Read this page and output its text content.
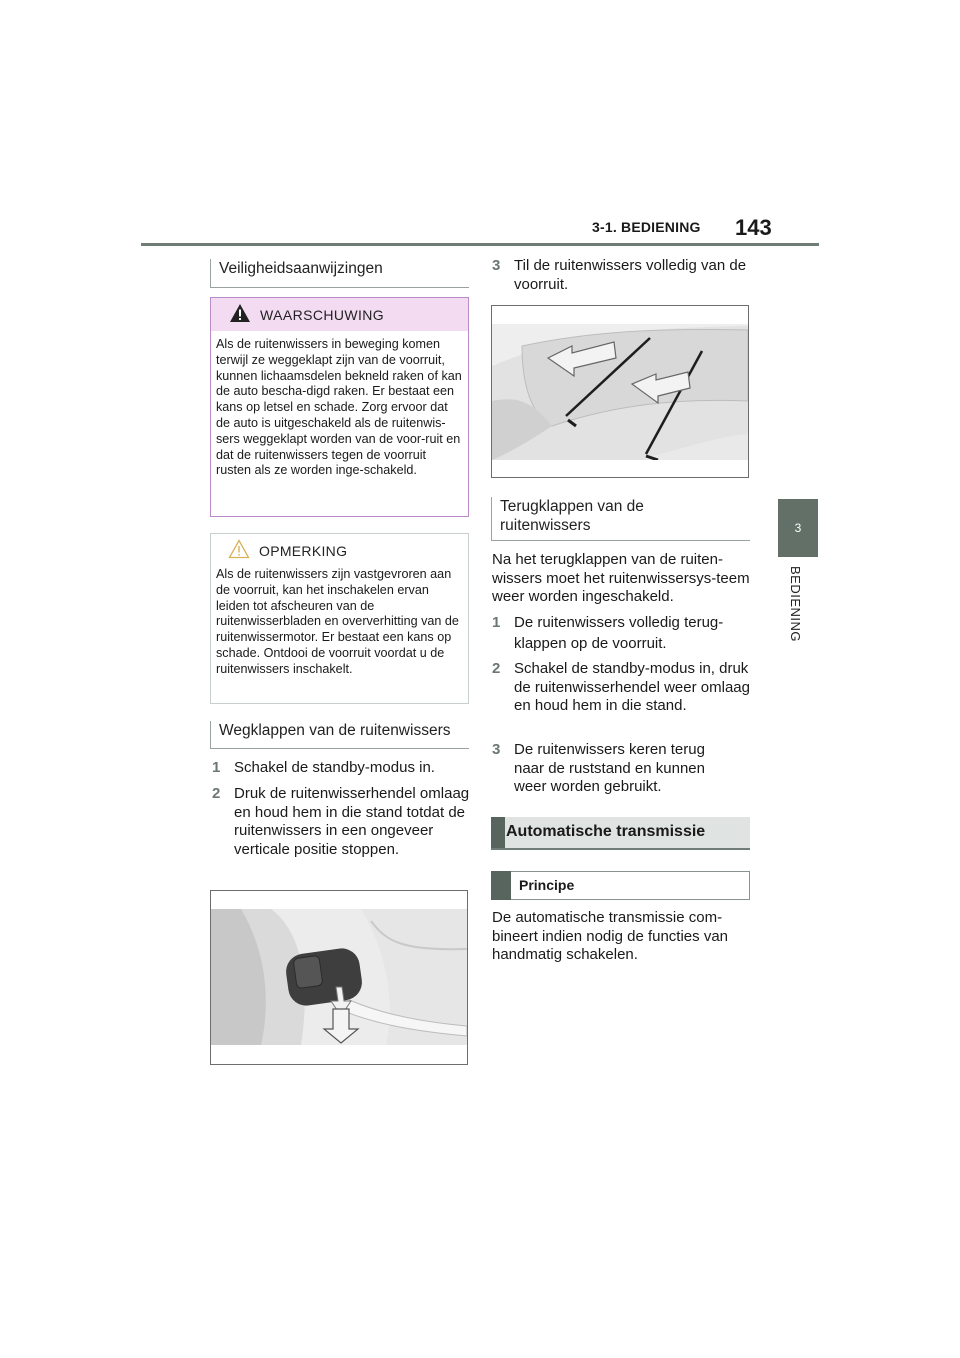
3-1. BEDIENING 143
3
BEDIENING
Veiligheidsaanwijzingen
WAARSCHUWING
Als de ruitenwissers in beweging komen terwijl ze weggeklapt zijn van de voorruit, kunnen lichaamsdelen bekneld raken of kan de auto bescha-digd raken. Er bestaat een kans op letsel en schade. Zorg ervoor dat de auto is uitgeschakeld als de ruitenwis-sers weggeklapt worden van de voor-ruit en dat de ruitenwissers tegen de voorruit rusten als ze worden inge-schakeld.
OPMERKING
Als de ruitenwissers zijn vastgevroren aan de voorruit, kan het inschakelen ervan leiden tot afscheuren van de ruitenwisserbladen en oververhitting van de ruitenwissermotor. Er bestaat een kans op schade. Ontdooi de voorruit voordat u de ruitenwissers inschakelt.
Wegklappen van de ruitenwissers
1 Schakel de standby-modus in.
2 Druk de ruitenwisserhendel omlaag en houd hem in die stand totdat de ruitenwissers in een ongeveer verticale positie stoppen.
3 Til de ruitenwissers volledig van de voorruit.
Terugklappen van de ruitenwissers
Na het terugklappen van de ruiten-wissers moet het ruitenwissersys-teem weer worden ingeschakeld.
1 De ruitenwissers volledig terug-klappen op de voorruit.
2 Schakel de standby-modus in, druk de ruitenwisserhendel weer omlaag en houd hem in die stand.
3 De ruitenwissers keren terug naar de ruststand en kunnen weer worden gebruikt.
Automatische transmissie
Principe
De automatische transmissie com-bineert indien nodig de functies van handmatig schakelen.
